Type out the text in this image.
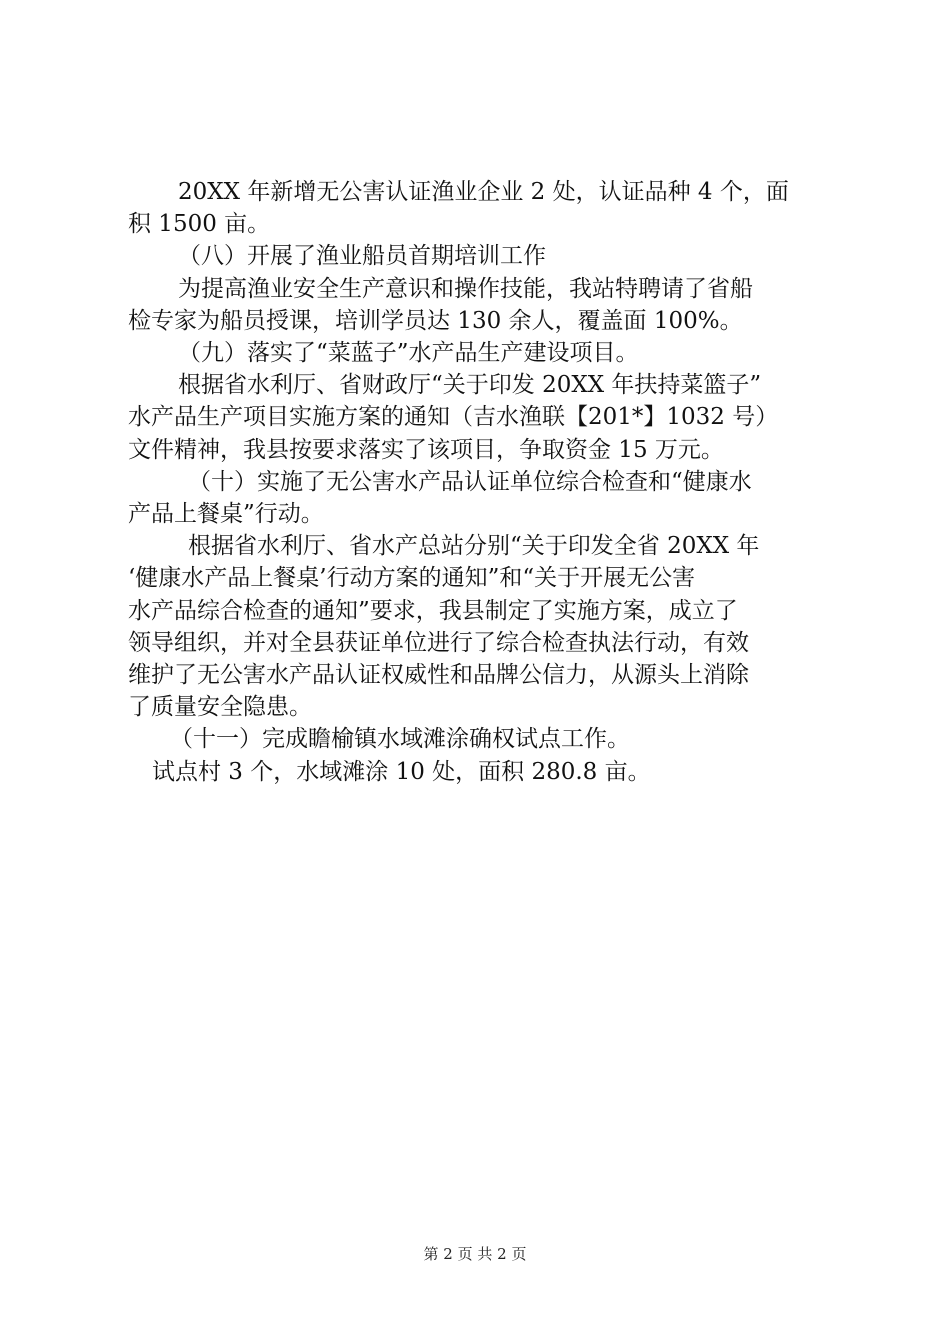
20XX 年新增无公害认证渔业企业 2 处，认证品种 4 个，面

积 1500 亩。

（八）开展了渔业船员首期培训工作

为提高渔业安全生产意识和操作技能，我站特聘请了省船

检专家为船员授课，培训学员达 130 余人，覆盖面 100%。

（九）落实了“菜蓝子”水产品生产建设项目。

根据省水利厅、省财政厅“关于印发 20XX 年扶持菜篮子”

水产品生产项目实施方案的通知（吉水渔联【201*】1032 号）

文件精神，我县按要求落实了该项目，争取资金 15 万元。

（十）实施了无公害水产品认证单位综合检查和“健康水

产品上餐桌”行动。

根据省水利厅、省水产总站分别“关于印发全省 20XX 年

‘健康水产品上餐桌’行动方案的通知”和“关于开展无公害

水产品综合检查的通知”要求，我县制定了实施方案，成立了

领导组织，并对全县获证单位进行了综合检查执法行动，有效

维护了无公害水产品认证权威性和品牌公信力，从源头上消除

了质量安全隐患。

（十一）完成瞻榆镇水域滩涂确权试点工作。

试点村 3 个，水域滩涂 10 处，面积 280.8 亩。

第 2 页 共 2 页
